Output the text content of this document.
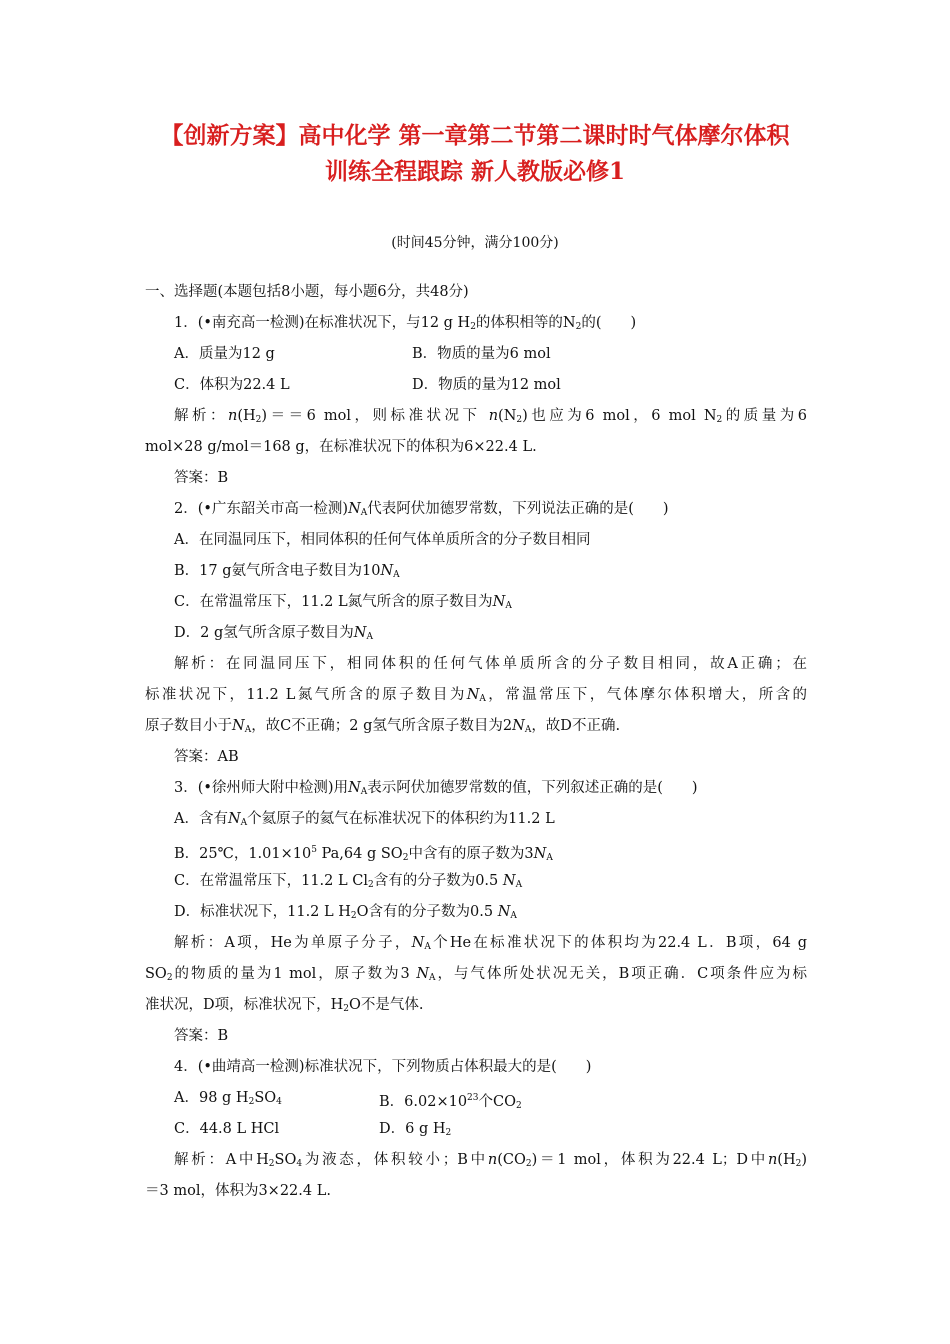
【创新方案】高中化学 第一章第二节第二课时时气体摩尔体积
训练全程跟踪 新人教版必修1
(时间45分钟，满分100分)
一、选择题(本题包括8小题，每小题6分，共48分)
1．(•南充高一检测)在标准状况下，与12 g $H_2$的体积相等的$N_2$的(　　)
A．质量为12 g	B．物质的量为6 mol
C．体积为22.4 L	D．物质的量为12 mol
解析：$n(H_2)==6$ mol，则标准状况下 $n(N_2)$也应为6 mol，6 mol $N_2$的质量为6
mol×28 g/mol＝168 g，在标准状况下的体积为6×22.4 L.
答案：B
2．(•广东韶关市高一检测)$N_A$代表阿伏加德罗常数，下列说法正确的是(　　)
A．在同温同压下，相同体积的任何气体单质所含的分子数目相同
B．17 g氨气所含电子数目为$10N_A$
C．在常温常压下，11.2 L氮气所含的原子数目为$N_A$
D．2 g氢气所含原子数目为$N_A$
解析：在同温同压下，相同体积的任何气体单质所含的分子数目相同，故A正确；在
标准状况下，11.2 L氮气所含的原子数目为$N_A$，常温常压下，气体摩尔体积增大，所含的
原子数目小于$N_A$，故C不正确；2 g氢气所含原子数目为$2N_A$，故D不正确.
答案：AB
3．(•徐州师大附中检测)用$N_A$表示阿伏加德罗常数的值，下列叙述正确的是(　　)
A．含有$N_A$个氦原子的氦气在标准状况下的体积约为11.2 L
B．25℃，$1.01\times 10^5$ Pa,64 g $SO_2$中含有的原子数为$3N_A$
C．在常温常压下，11.2 L $Cl_2$含有的分子数为0.5 $N_A$
D．标准状况下，11.2 L $H_2O$含有的分子数为0.5 $N_A$
解析：A项，He为单原子分子，$N_A$个He在标准状况下的体积均为22.4 L．B项，64 g
$SO_2$的物质的量为1 mol，原子数为3 $N_A$，与气体所处状况无关，B项正确．C项条件应为标
准状况，D项，标准状况下，$H_2O$不是气体.
答案：B
4．(•曲靖高一检测)标准状况下，下列物质占体积最大的是(　　)
A．98 g $H_2SO_4$	B．$6.02\times 10^{23}$个$CO_2$
C．44.8 L HCl	D．6 g $H_2$
解析：A中$H_2SO_4$为液态，体积较小；B中$n(CO_2)=1$ mol，体积为22.4 L；D中$n(H_2)$
＝3 mol，体积为3×22.4 L.
